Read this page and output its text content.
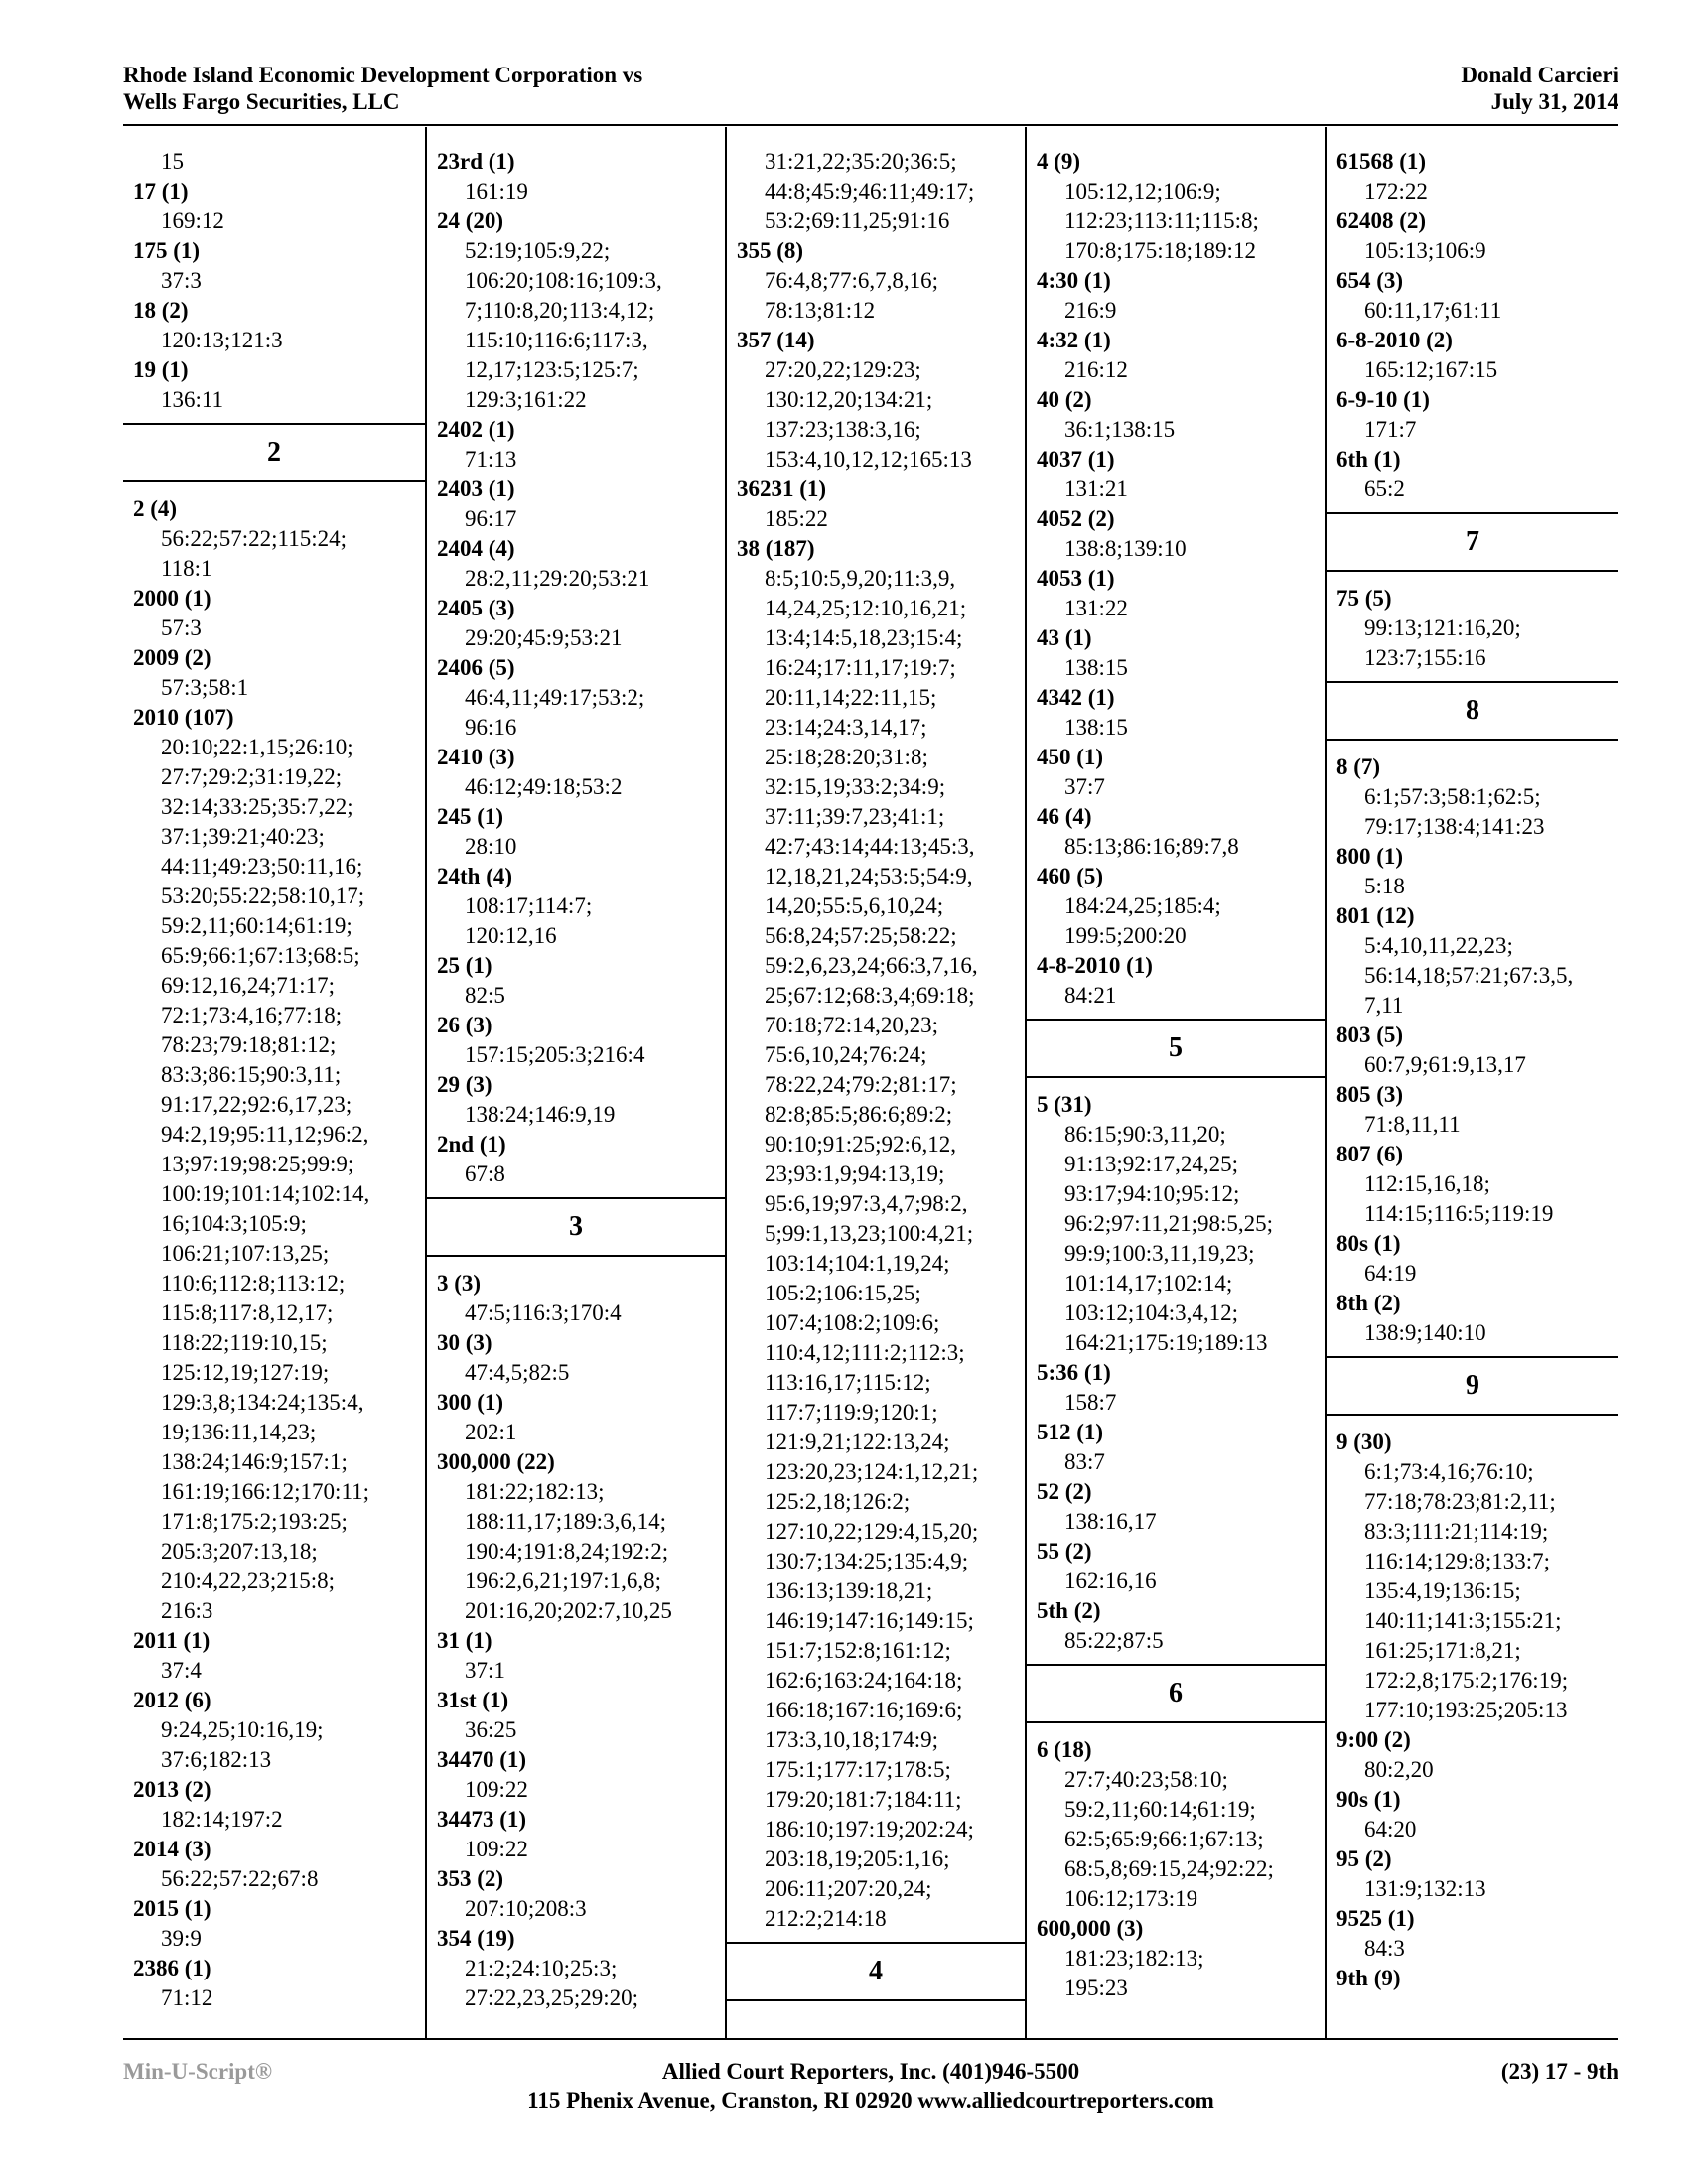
Rhode Island Economic Development Corporation vs
Wells Fargo Securities, LLC
Donald Carcieri
July 31, 2014
15
17 (1)
169:12
175 (1)
37:3
18 (2)
120:13;121:3
19 (1)
136:11
2
2 (4)
56:22;57:22;115:24;
118:1
2000 (1)
57:3
2009 (2)
57:3;58:1
2010 (107)
20:10;22:1,15;26:10;
27:7;29:2;31:19,22;
32:14;33:25;35:7,22;
37:1;39:21;40:23;
44:11;49:23;50:11,16;
53:20;55:22;58:10,17;
59:2,11;60:14;61:19;
65:9;66:1;67:13;68:5;
69:12,16,24;71:17;
72:1;73:4,16;77:18;
78:23;79:18;81:12;
83:3;86:15;90:3,11;
91:17,22;92:6,17,23;
94:2,19;95:11,12;96:2,
13;97:19;98:25;99:9;
100:19;101:14;102:14,
16;104:3;105:9;
106:21;107:13,25;
110:6;112:8;113:12;
115:8;117:8,12,17;
118:22;119:10,15;
125:12,19;127:19;
129:3,8;134:24;135:4,
19;136:11,14,23;
138:24;146:9;157:1;
161:19;166:12;170:11;
171:8;175:2;193:25;
205:3;207:13,18;
210:4,22,23;215:8;
216:3
2011 (1)
37:4
2012 (6)
9:24,25;10:16,19;
37:6;182:13
2013 (2)
182:14;197:2
2014 (3)
56:22;57:22;67:8
2015 (1)
39:9
2386 (1)
71:12
23rd (1)
161:19
24 (20)
52:19;105:9,22;
106:20;108:16;109:3,
7;110:8,20;113:4,12;
115:10;116:6;117:3,
12,17;123:5;125:7;
129:3;161:22
2402 (1)
71:13
2403 (1)
96:17
2404 (4)
28:2,11;29:20;53:21
2405 (3)
29:20;45:9;53:21
2406 (5)
46:4,11;49:17;53:2;
96:16
2410 (3)
46:12;49:18;53:2
245 (1)
28:10
24th (4)
108:17;114:7;
120:12,16
25 (1)
82:5
26 (3)
157:15;205:3;216:4
29 (3)
138:24;146:9,19
2nd (1)
67:8
3
3 (3)
47:5;116:3;170:4
30 (3)
47:4,5;82:5
300 (1)
202:1
300,000 (22)
181:22;182:13;
188:11,17;189:3,6,14;
190:4;191:8,24;192:2;
196:2,6,21;197:1,6,8;
201:16,20;202:7,10,25
31 (1)
37:1
31st (1)
36:25
34470 (1)
109:22
34473 (1)
109:22
353 (2)
207:10;208:3
354 (19)
21:2;24:10;25:3;
27:22,23,25;29:20;
31:21,22;35:20;36:5;
44:8;45:9;46:11;49:17;
53:2;69:11,25;91:16
355 (8)
76:4,8;77:6,7,8,16;
78:13;81:12
357 (14)
27:20,22;129:23;
130:12,20;134:21;
137:23;138:3,16;
153:4,10,12,12;165:13
36231 (1)
185:22
38 (187)
8:5;10:5,9,20;11:3,9,
14,24,25;12:10,16,21;
13:4;14:5,18,23;15:4;
16:24;17:11,17;19:7;
20:11,14;22:11,15;
23:14;24:3,14,17;
25:18;28:20;31:8;
32:15,19;33:2;34:9;
37:11;39:7,23;41:1;
42:7;43:14;44:13;45:3,
12,18,21,24;53:5;54:9,
14,20;55:5,6,10,24;
56:8,24;57:25;58:22;
59:2,6,23,24;66:3,7,16,
25;67:12;68:3,4;69:18;
70:18;72:14,20,23;
75:6,10,24;76:24;
78:22,24;79:2;81:17;
82:8;85:5;86:6;89:2;
90:10;91:25;92:6,12,
23;93:1,9;94:13,19;
95:6,19;97:3,4,7;98:2,
5;99:1,13,23;100:4,21;
103:14;104:1,19,24;
105:2;106:15,25;
107:4;108:2;109:6;
110:4,12;111:2;112:3;
113:16,17;115:12;
117:7;119:9;120:1;
121:9,21;122:13,24;
123:20,23;124:1,12,21;
125:2,18;126:2;
127:10,22;129:4,15,20;
130:7;134:25;135:4,9;
136:13;139:18,21;
146:19;147:16;149:15;
151:7;152:8;161:12;
162:6;163:24;164:18;
166:18;167:16;169:6;
173:3,10,18;174:9;
175:1;177:17;178:5;
179:20;181:7;184:11;
186:10;197:19;202:24;
203:18,19;205:1,16;
206:11;207:20,24;
212:2;214:18
4
4 (9)
105:12,12;106:9;
112:23;113:11;115:8;
170:8;175:18;189:12
4:30 (1)
216:9
4:32 (1)
216:12
40 (2)
36:1;138:15
4037 (1)
131:21
4052 (2)
138:8;139:10
4053 (1)
131:22
43 (1)
138:15
4342 (1)
138:15
450 (1)
37:7
46 (4)
85:13;86:16;89:7,8
460 (5)
184:24,25;185:4;
199:5;200:20
4-8-2010 (1)
84:21
5
5 (31)
86:15;90:3,11,20;
91:13;92:17,24,25;
93:17;94:10;95:12;
96:2;97:11,21;98:5,25;
99:9;100:3,11,19,23;
101:14,17;102:14;
103:12;104:3,4,12;
164:21;175:19;189:13
5:36 (1)
158:7
512 (1)
83:7
52 (2)
138:16,17
55 (2)
162:16,16
5th (2)
85:22;87:5
6
6 (18)
27:7;40:23;58:10;
59:2,11;60:14;61:19;
62:5;65:9;66:1;67:13;
68:5,8;69:15,24;92:22;
106:12;173:19
600,000 (3)
181:23;182:13;
195:23
61568 (1)
172:22
62408 (2)
105:13;106:9
654 (3)
60:11,17;61:11
6-8-2010 (2)
165:12;167:15
6-9-10 (1)
171:7
6th (1)
65:2
7
75 (5)
99:13;121:16,20;
123:7;155:16
8
8 (7)
6:1;57:3;58:1;62:5;
79:17;138:4;141:23
800 (1)
5:18
801 (12)
5:4,10,11,22,23;
56:14,18;57:21;67:3,5,
7,11
803 (5)
60:7,9;61:9,13,17
805 (3)
71:8,11,11
807 (6)
112:15,16,18;
114:15;116:5;119:19
80s (1)
64:19
8th (2)
138:9;140:10
9
9 (30)
6:1;73:4,16;76:10;
77:18;78:23;81:2,11;
83:3;111:21;114:19;
116:14;129:8;133:7;
135:4,19;136:15;
140:11;141:3;155:21;
161:25;171:8,21;
172:2,8;175:2;176:19;
177:10;193:25;205:13
9:00 (2)
80:2,20
90s (1)
64:20
95 (2)
131:9;132:13
9525 (1)
84:3
9th (9)
Min-U-Script®	Allied Court Reporters, Inc. (401)946-5500
115 Phenix Avenue, Cranston, RI 02920 www.alliedcourtreporters.com
(23) 17 - 9th
